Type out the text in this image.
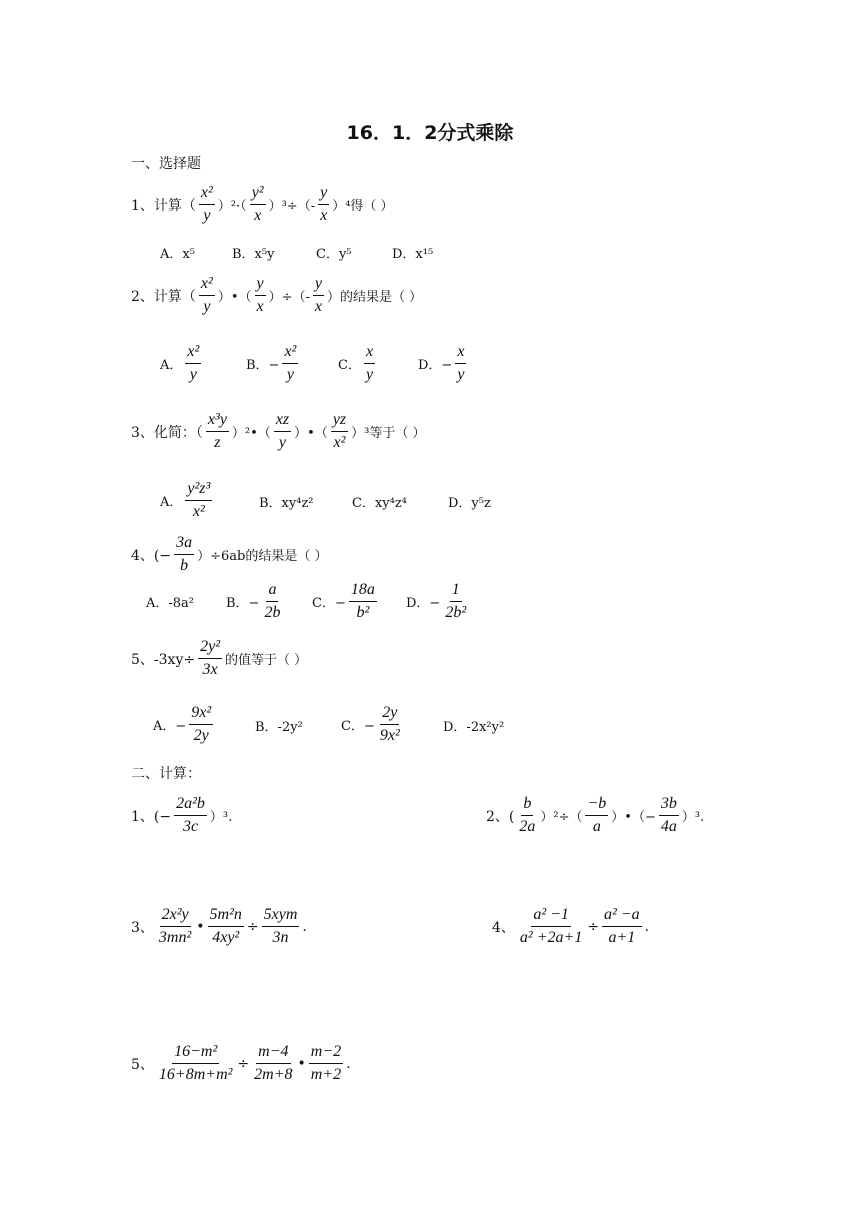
16．1．2分式乘除
一、选择题
1、计算（ $\frac{\text{x²}}{y} )^2\cdot( \frac{\text{y²}}{x} )^3\div(- \frac{y}{x} )^4$得（ ）
A．x⁵	B．x⁵y	C．y⁵	D．x¹⁵
2、计算（ $\frac{\text{x²}}{y}$ ）•（ $\frac{y}{x}$ ）÷（- $\frac{y}{x}$ ）的结果是（ ）
A． $\frac{\text{x²}}{y}$	B．− $\frac{\text{x²}}{y}$	C． $\frac{x}{y}$	D．− $\frac{x}{y}$
3、化简：（ $\frac{\text{x³y}}{z}$ ）²•（ $\frac{xz}{y}$ ）•（ $\frac{yz}{\text{x²}} )^3$等于（ ）
A． $\frac{\text{y²z³}}{\text{x²}}$	B．xy⁴z²	C．xy⁴z⁴	D．y⁵z
4、(− $\frac{3a}{b} )\div 6ab$的结果是（ ）
A．-8a² B．− $\frac{a}{2b}$ C．− $\frac{18a}{\text{b²}}$ D．− $\frac{1}{\text{2b²}}$
5、$-3xy\div \frac{\text{2y²}}{3x}$ 的值等于（ ）
A．− $\frac{\text{9x²}}{2y}$	B．-2y²	C．− $\frac{2y}{\text{9x²}}$	D．-2x²y²
二、计算：
1、(− $\frac{\text{2a²b}}{3c} )^3$.	2、( $\frac{b}{2a} )^2\div( \frac{-b}{a}$ ）•（− $\frac{3b}{4a} )^3$.
3、 $\frac{\text{2x²y}}{\text{3mn²}}$ • $\frac{\text{5m²n}}{\text{4xy²}} \div \frac{\text{5xym}}{3n}$ .	4、 $\frac{\text{a² −1}}{\text{a² +2a+1}} \div \frac{\text{a² −a}}{a+1}$ .
5、 $\frac{\text{16−m²}}{\text{16+8m+m²}} \div \frac{m-4}{2m+8}$ • $\frac{m-2}{m+2}$ .
